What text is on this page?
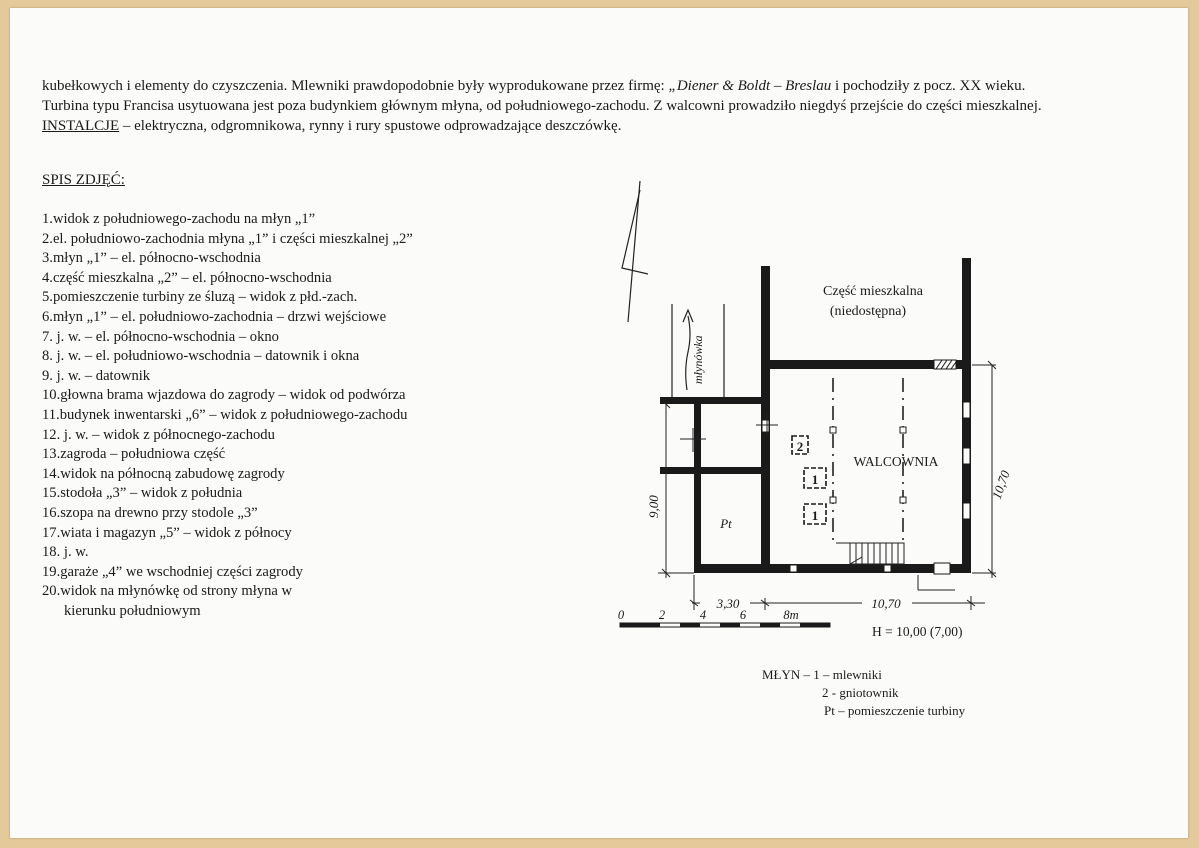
kubełkowych i elementy do czyszczenia. Mlewniki prawdopodobnie były wyprodukowane przez firmę: „Diener & Boldt – Breslau i pochodziły z pocz. XX wieku.

Turbina typu Francisa usytuowana jest poza budynkiem głównym młyna, od południowego-zachodu. Z walcowni prowadziło niegdyś przejście do części mieszkalnej.

INSTALCJE – elektryczna, odgromnikowa, rynny i rury spustowe odprowadzające deszczówkę.

SPIS ZDJĘĆ:
1.widok z południowego-zachodu na młyn „1”
2.el. południowo-zachodnia młyna „1” i części mieszkalnej „2”
3.młyn „1” – el. północno-wschodnia
4.część mieszkalna „2” – el. północno-wschodnia
5.pomieszczenie turbiny ze śluzą – widok z płd.-zach.
6.młyn „1” – el. południowo-zachodnia – drzwi wejściowe
7. j. w. – el. północno-wschodnia – okno
8. j. w. – el. południowo-wschodnia – datownik i okna
9. j. w. – datownik
10.głowna brama wjazdowa do zagrody – widok od podwórza
11.budynek inwentarski „6” – widok z południowego-zachodu
12. j. w. – widok z północnego-zachodu
13.zagroda – południowa część
14.widok na północną zabudowę zagrody
15.stodoła „3” – widok z południa
16.szopa na drewno przy stodole „3”
17.wiata i magazyn „5” – widok z północy
18. j. w.
19.garaże „4” we wschodniej części zagrody
20.widok na młynówkę od strony młyna w
kierunku południowym
młynówka
2
1
1
Część mieszkalna
(niedostępna)
WALCOWNIA
Pt
3,30	10,70
10,70
9,00
0	2	4	6	8m
H = 10,00 (7,00)
MŁYN – 1 – mlewniki
2 - gniotownik
Pt – pomieszczenie turbiny
